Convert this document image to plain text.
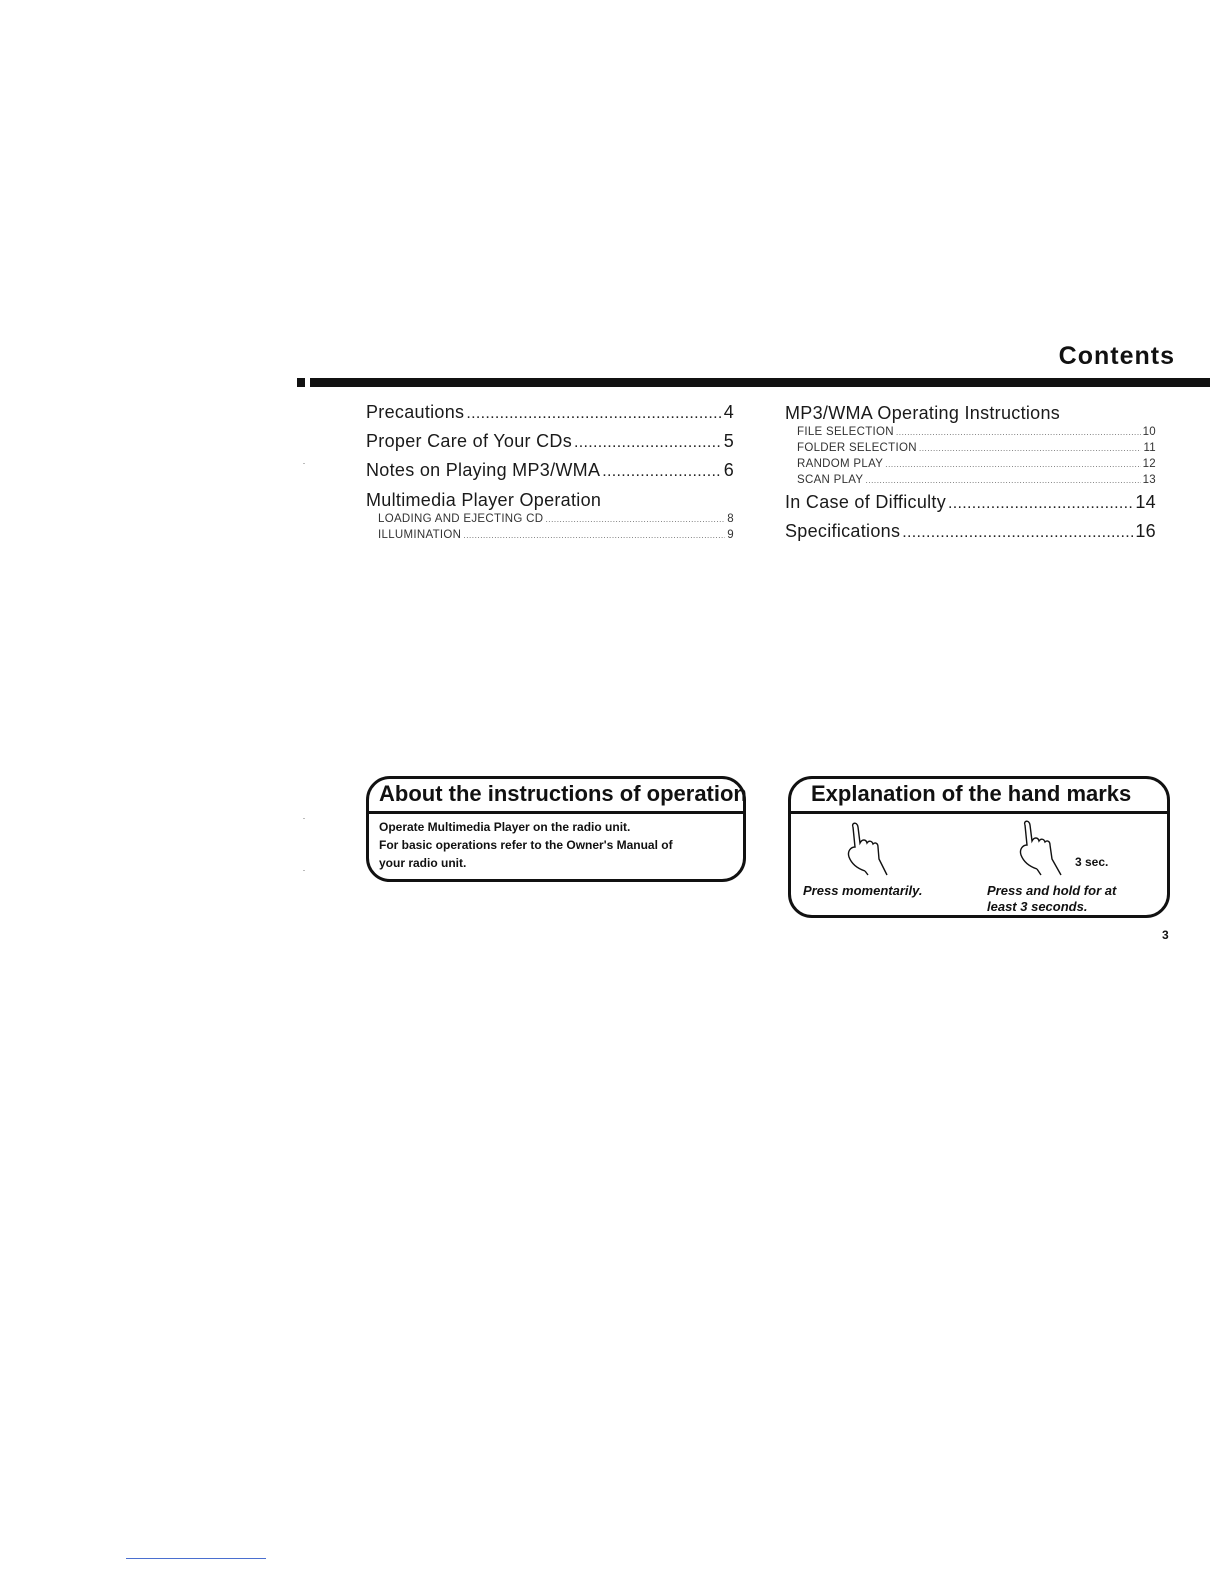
Contents
Precautions .....	4
Proper Care of Your CDs .....	5
Notes on Playing MP3/WMA .....	6
Multimedia Player Operation
LOADING AND EJECTING CD .....	8
ILLUMINATION .....	9
MP3/WMA Operating Instructions
FILE SELECTION .....	10
FOLDER SELECTION .....	11
RANDOM PLAY .....	12
SCAN PLAY .....	13
In Case of Difficulty .....	14
Specifications .....	16
About the instructions of operation
Operate Multimedia Player on the radio unit.
For basic operations refer to the Owner's Manual of
your radio unit.
Explanation of the hand marks
3 sec.
Press momentarily.	Press and hold for at
least 3 seconds.
3
